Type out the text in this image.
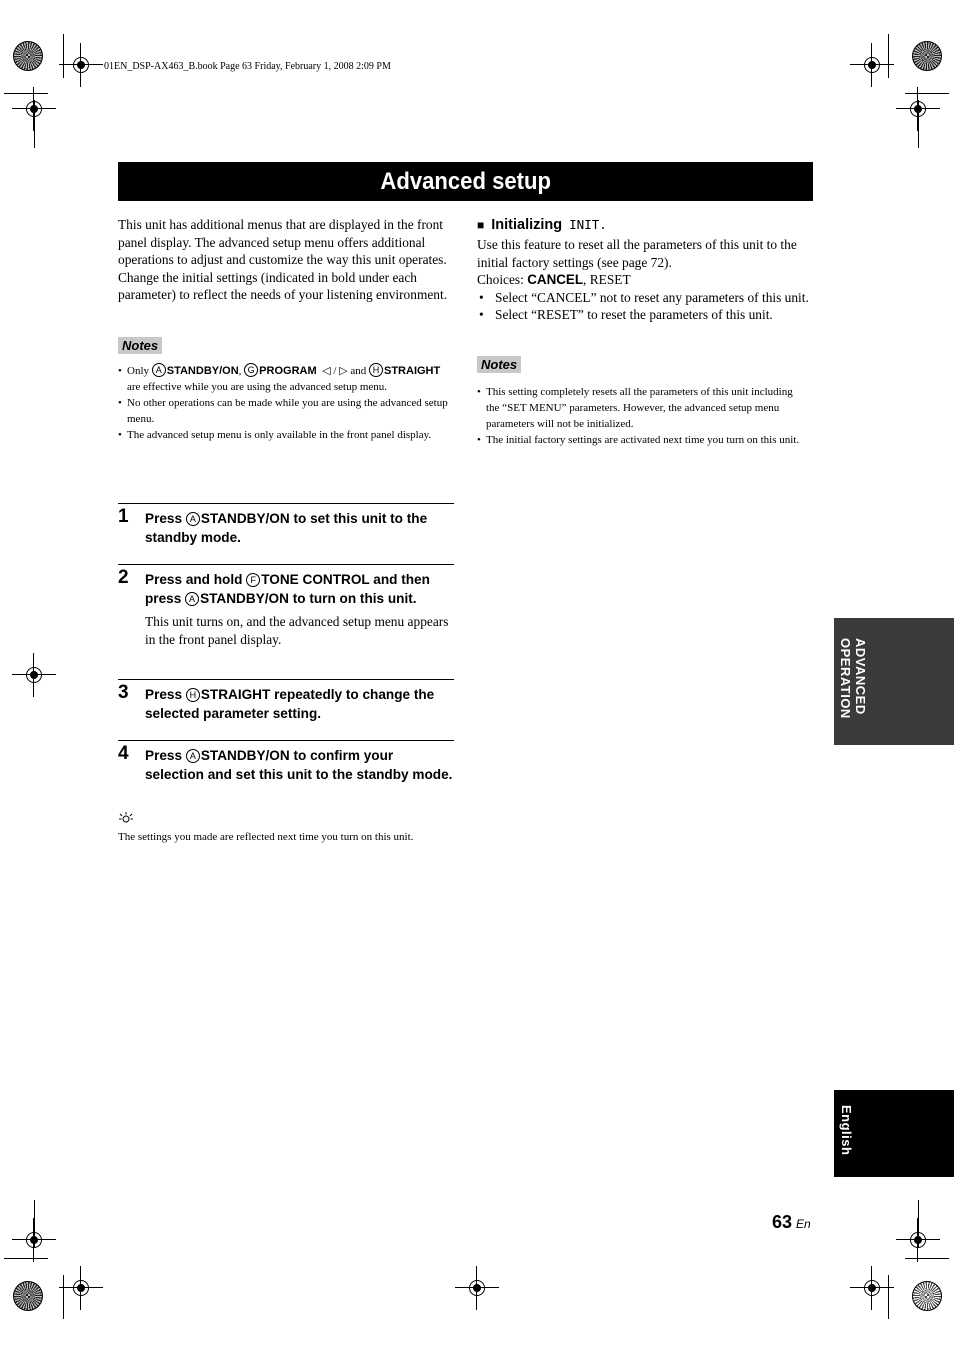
01EN_DSP-AX463_B.book Page 63 Friday, February 1, 2008 2:09 PM
Advanced setup
This unit has additional menus that are displayed in the front panel display. The advanced setup menu offers additional operations to adjust and customize the way this unit operates. Change the initial settings (indicated in bold under each parameter) to reflect the needs of your listening environment.
Notes
• Only A STANDBY/ON, G PROGRAM ◁ / ▷ and H STRAIGHT are effective while you are using the advanced setup menu.
• No other operations can be made while you are using the advanced setup menu.
• The advanced setup menu is only available in the front panel display.
1 Press A STANDBY/ON to set this unit to the standby mode.
2 Press and hold F TONE CONTROL and then press A STANDBY/ON to turn on this unit.
This unit turns on, and the advanced setup menu appears in the front panel display.
3 Press H STRAIGHT repeatedly to change the selected parameter setting.
4 Press A STANDBY/ON to confirm your selection and set this unit to the standby mode.
The settings you made are reflected next time you turn on this unit.
■ Initializing INIT.
Use this feature to reset all the parameters of this unit to the initial factory settings (see page 72).
Choices: CANCEL, RESET
• Select “CANCEL” not to reset any parameters of this unit.
• Select “RESET” to reset the parameters of this unit.
Notes
• This setting completely resets all the parameters of this unit including the “SET MENU” parameters. However, the advanced setup menu parameters will not be initialized.
• The initial factory settings are activated next time you turn on this unit.
ADVANCED OPERATION
English
63 En
